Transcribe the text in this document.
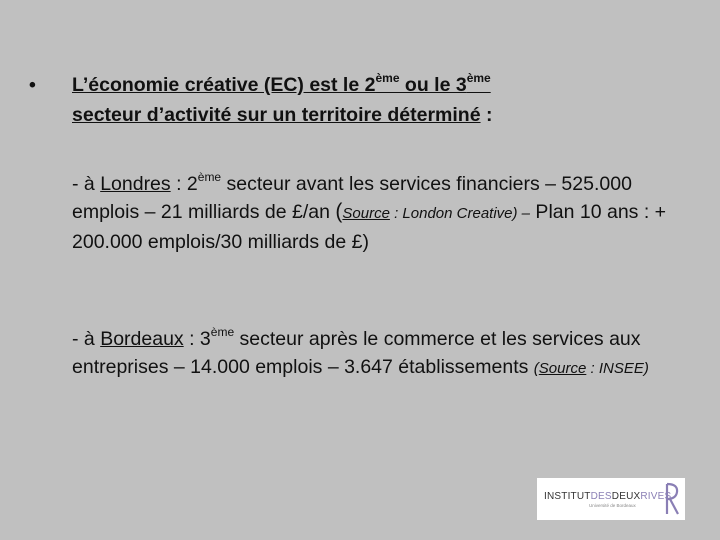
• L’économie créative (EC) est le 2ème ou le 3ème
secteur d’activité sur un territoire déterminé :
- à Londres : 2ème secteur avant les services financiers – 525.000 emplois – 21 milliards de £/an (Source : London Creative) – Plan 10 ans : + 200.000 emplois/30 milliards de £)
- à Bordeaux : 3ème secteur après le commerce et les services aux entreprises – 14.000 emplois – 3.647 établissements (Source : INSEE)
INSTITUTDESDEUXRIVES
Université de Bordeaux
